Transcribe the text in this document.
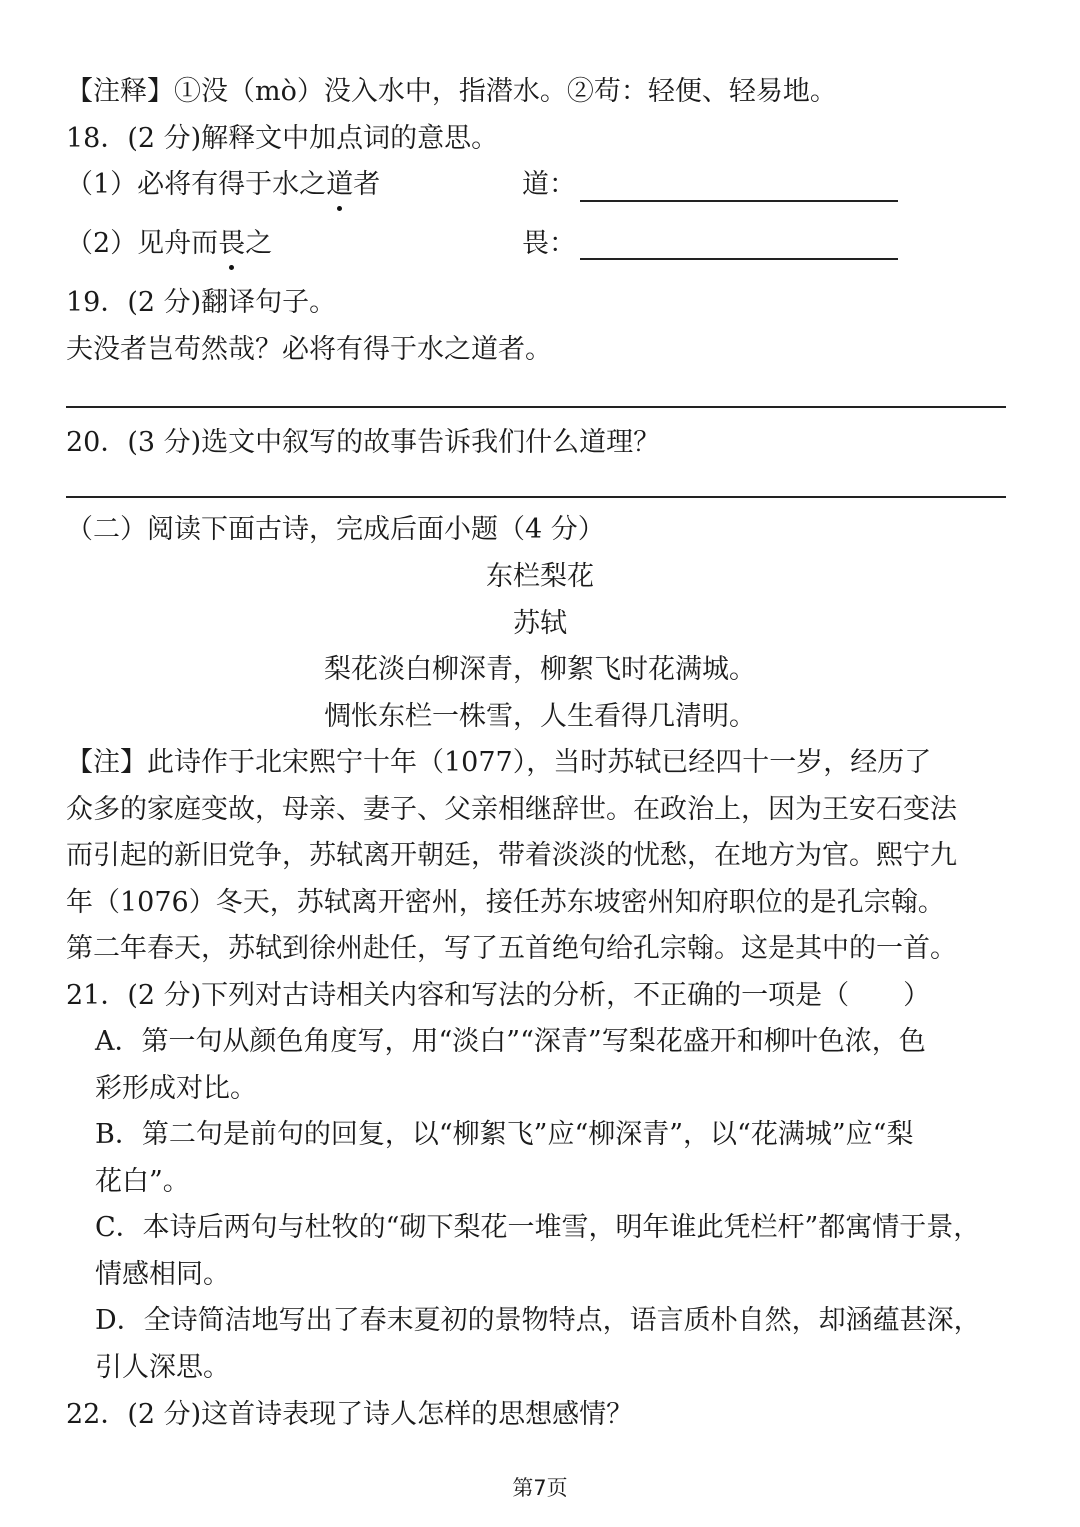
【注释】①没（mò）没入水中，指潜水。②苟：轻便、轻易地。
18．(2 分)解释文中加点词的意思。
（1）必将有得于水之道者	道：
（2）见舟而畏之	畏：
19．(2 分)翻译句子。
夫没者岂苟然哉？必将有得于水之道者。
20．(3 分)选文中叙写的故事告诉我们什么道理？
（二）阅读下面古诗，完成后面小题（4 分）
东栏梨花
苏轼
梨花淡白柳深青，柳絮飞时花满城。
惆怅东栏一株雪，人生看得几清明。
【注】此诗作于北宋熙宁十年（1077），当时苏轼已经四十一岁，经历了
众多的家庭变故，母亲、妻子、父亲相继辞世。在政治上，因为王安石变法
而引起的新旧党争，苏轼离开朝廷，带着淡淡的忧愁，在地方为官。熙宁九
年（1076）冬天，苏轼离开密州，接任苏东坡密州知府职位的是孔宗翰。
第二年春天，苏轼到徐州赴任，写了五首绝句给孔宗翰。这是其中的一首。
21．(2 分)下列对古诗相关内容和写法的分析，不正确的一项是（　　）
A．第一句从颜色角度写，用“淡白”“深青”写梨花盛开和柳叶色浓，色
彩形成对比。
B．第二句是前句的回复，以“柳絮飞”应“柳深青”，以“花满城”应“梨
花白”。
C．本诗后两句与杜牧的“砌下梨花一堆雪，明年谁此凭栏杆”都寓情于景，
情感相同。
D．全诗简洁地写出了春末夏初的景物特点，语言质朴自然，却涵蕴甚深，
引人深思。
22．(2 分)这首诗表现了诗人怎样的思想感情？
第7页
